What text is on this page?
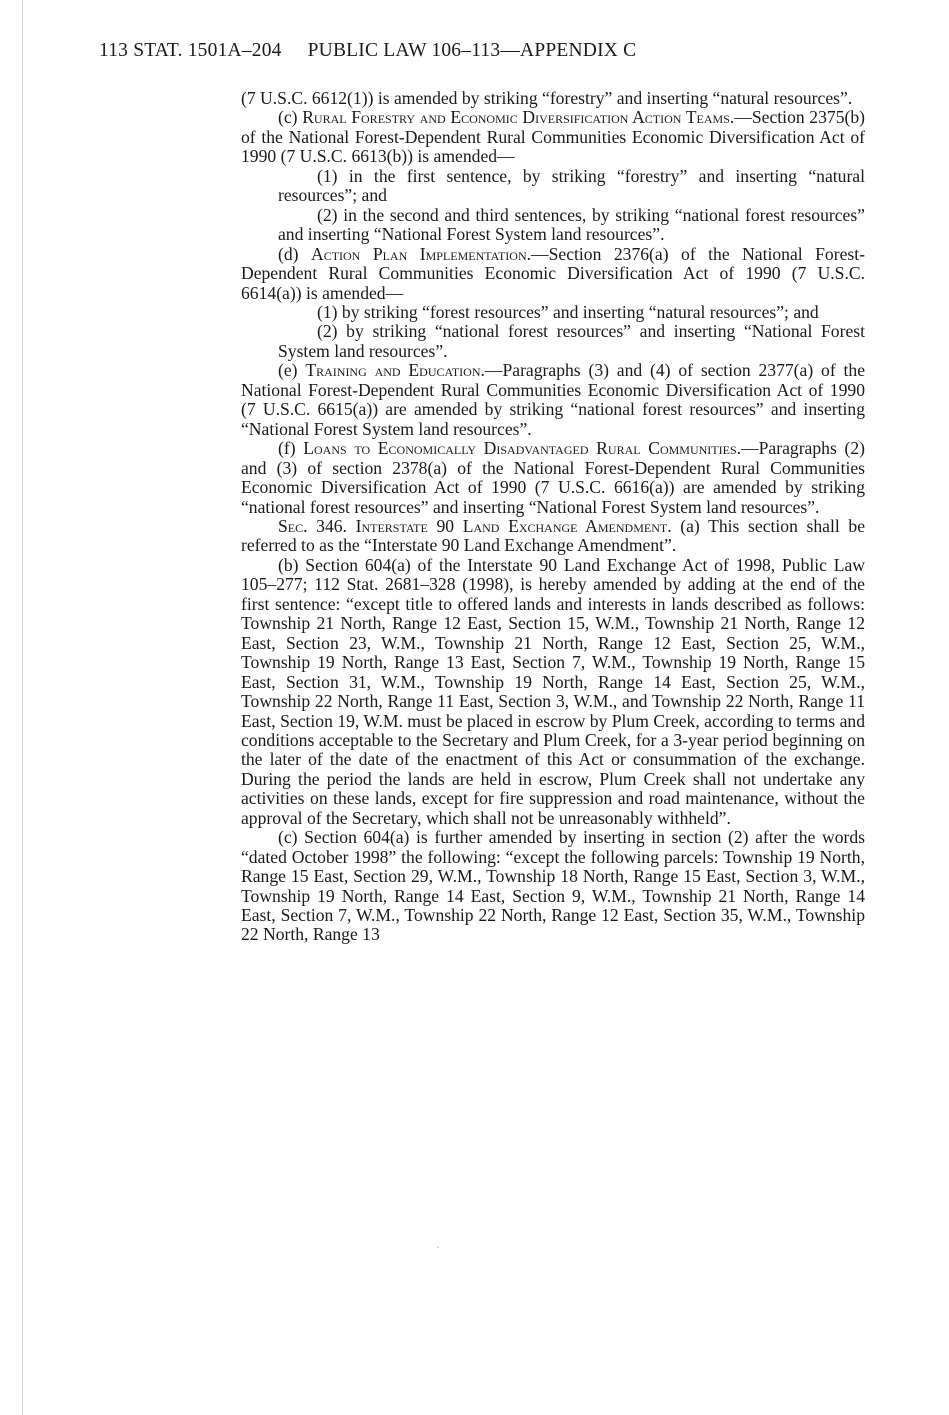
113 STAT. 1501A–204 PUBLIC LAW 106–113—APPENDIX C

(7 U.S.C. 6612(1)) is amended by striking “forestry” and inserting “natural resources”.

(c) Rural Forestry and Economic Diversification Action Teams.—Section 2375(b) of the National Forest-Dependent Rural Communities Economic Diversification Act of 1990 (7 U.S.C. 6613(b)) is amended—

(1) in the first sentence, by striking “forestry” and inserting “natural resources”; and

(2) in the second and third sentences, by striking “national forest resources” and inserting “National Forest System land resources”.

(d) Action Plan Implementation.—Section 2376(a) of the National Forest-Dependent Rural Communities Economic Diversification Act of 1990 (7 U.S.C. 6614(a)) is amended—

(1) by striking “forest resources” and inserting “natural resources”; and

(2) by striking “national forest resources” and inserting “National Forest System land resources”.

(e) Training and Education.—Paragraphs (3) and (4) of section 2377(a) of the National Forest-Dependent Rural Communities Economic Diversification Act of 1990 (7 U.S.C. 6615(a)) are amended by striking “national forest resources” and inserting “National Forest System land resources”.

(f) Loans to Economically Disadvantaged Rural Communities.—Paragraphs (2) and (3) of section 2378(a) of the National Forest-Dependent Rural Communities Economic Diversification Act of 1990 (7 U.S.C. 6616(a)) are amended by striking “national forest resources” and inserting “National Forest System land resources”.

Sec. 346. Interstate 90 Land Exchange Amendment. (a) This section shall be referred to as the “Interstate 90 Land Exchange Amendment”.

(b) Section 604(a) of the Interstate 90 Land Exchange Act of 1998, Public Law 105–277; 112 Stat. 2681–328 (1998), is hereby amended by adding at the end of the first sentence: “except title to offered lands and interests in lands described as follows: Township 21 North, Range 12 East, Section 15, W.M., Township 21 North, Range 12 East, Section 23, W.M., Township 21 North, Range 12 East, Section 25, W.M., Township 19 North, Range 13 East, Section 7, W.M., Township 19 North, Range 15 East, Section 31, W.M., Township 19 North, Range 14 East, Section 25, W.M., Township 22 North, Range 11 East, Section 3, W.M., and Township 22 North, Range 11 East, Section 19, W.M. must be placed in escrow by Plum Creek, according to terms and conditions acceptable to the Secretary and Plum Creek, for a 3-year period beginning on the later of the date of the enactment of this Act or consummation of the exchange. During the period the lands are held in escrow, Plum Creek shall not undertake any activities on these lands, except for fire suppression and road maintenance, without the approval of the Secretary, which shall not be unreasonably withheld”.

(c) Section 604(a) is further amended by inserting in section (2) after the words “dated October 1998” the following: “except the following parcels: Township 19 North, Range 15 East, Section 29, W.M., Township 18 North, Range 15 East, Section 3, W.M., Township 19 North, Range 14 East, Section 9, W.M., Township 21 North, Range 14 East, Section 7, W.M., Township 22 North, Range 12 East, Section 35, W.M., Township 22 North, Range 13
